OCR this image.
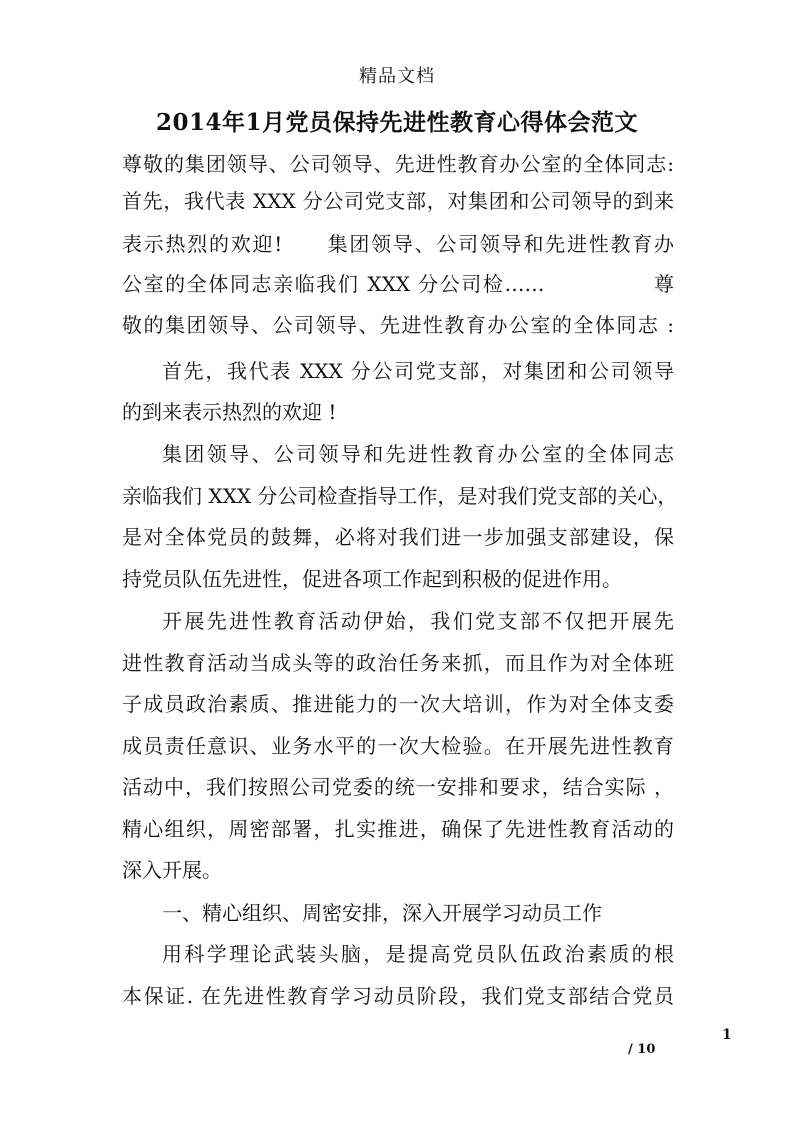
精品文档
2014年1月党员保持先进性教育心得体会范文
尊敬的集团领导、公司领导、先进性教育办公室的全体同志:
首先，我代表 XXX 分公司党支部，对集团和公司领导的到来
表示热烈的欢迎!　　集团领导、公司领导和先进性教育办
公室的全体同志亲临我们 XXX 分公司检……　　　　　尊
敬的集团领导、公司领导、先进性教育办公室的全体同志 :
首先，我代表 XXX 分公司党支部，对集团和公司领导
的到来表示热烈的欢迎 !
集团领导、公司领导和先进性教育办公室的全体同志
亲临我们 XXX 分公司检查指导工作，是对我们党支部的关心，
是对全体党员的鼓舞，必将对我们进一步加强支部建设，保
持党员队伍先进性，促进各项工作起到积极的促进作用。
开展先进性教育活动伊始，我们党支部不仅把开展先
进性教育活动当成头等的政治任务来抓，而且作为对全体班
子成员政治素质、推进能力的一次大培训，作为对全体支委
成员责任意识、业务水平的一次大检验。在开展先进性教育
活动中，我们按照公司党委的统一安排和要求，结合实际 ，
精心组织，周密部署，扎实推进，确保了先进性教育活动的
深入开展。
一、精心组织、周密安排，深入开展学习动员工作
用科学理论武装头脑，是提高党员队伍政治素质的根
本保证. 在先进性教育学习动员阶段，我们党支部结合党员
1
/ 10
